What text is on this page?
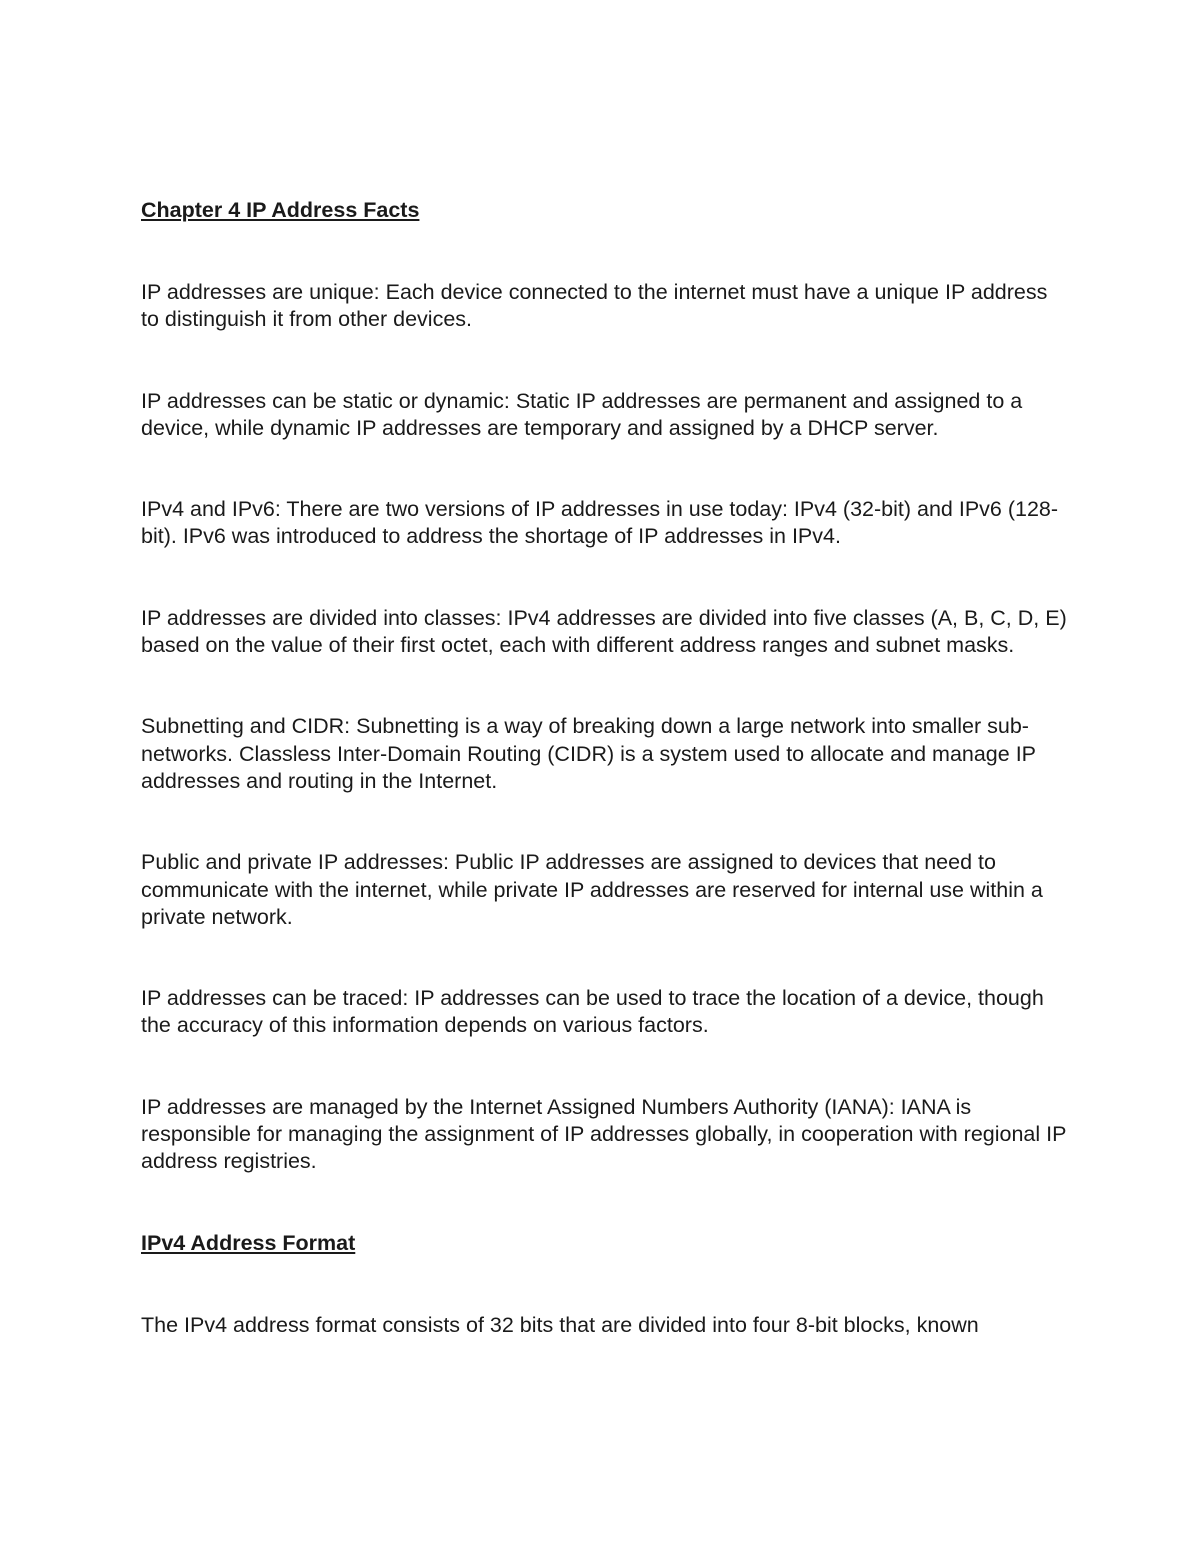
Chapter 4 IP Address Facts

IP addresses are unique: Each device connected to the internet must have a unique IP address to distinguish it from other devices.

IP addresses can be static or dynamic: Static IP addresses are permanent and assigned to a device, while dynamic IP addresses are temporary and assigned by a DHCP server.

IPv4 and IPv6: There are two versions of IP addresses in use today: IPv4 (32-bit) and IPv6 (128-bit). IPv6 was introduced to address the shortage of IP addresses in IPv4.

IP addresses are divided into classes: IPv4 addresses are divided into five classes (A, B, C, D, E) based on the value of their first octet, each with different address ranges and subnet masks.

Subnetting and CIDR: Subnetting is a way of breaking down a large network into smaller sub-networks. Classless Inter-Domain Routing (CIDR) is a system used to allocate and manage IP addresses and routing in the Internet.

Public and private IP addresses: Public IP addresses are assigned to devices that need to communicate with the internet, while private IP addresses are reserved for internal use within a private network.

IP addresses can be traced: IP addresses can be used to trace the location of a device, though the accuracy of this information depends on various factors.

IP addresses are managed by the Internet Assigned Numbers Authority (IANA): IANA is responsible for managing the assignment of IP addresses globally, in cooperation with regional IP address registries.

IPv4 Address Format

The IPv4 address format consists of 32 bits that are divided into four 8-bit blocks, known
